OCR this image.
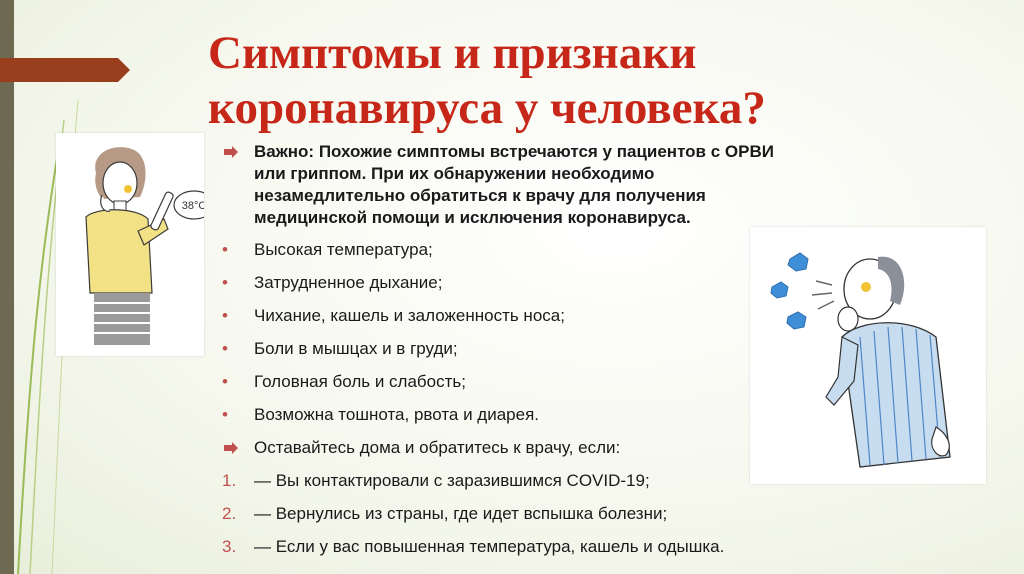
Симптомы и признаки
коронавируса у человека?
38°C
Важно: Похожие симптомы встречаются у пациентов с ОРВИ или гриппом. При их обнаружении необходимо незамедлительно обратиться к врачу для получения медицинской помощи и исключения коронавируса.
• Высокая температура;
• Затрудненное дыхание;
• Чихание, кашель и заложенность носа;
• Боли в мышцах и в груди;
• Головная боль и слабость;
• Возможна тошнота, рвота и диарея.
Оставайтесь дома и обратитесь к врачу, если:
1. — Вы контактировали с заразившимся COVID-19;
2. — Вернулись из страны, где идет вспышка болезни;
3. — Если у вас повышенная температура, кашель и одышка.
